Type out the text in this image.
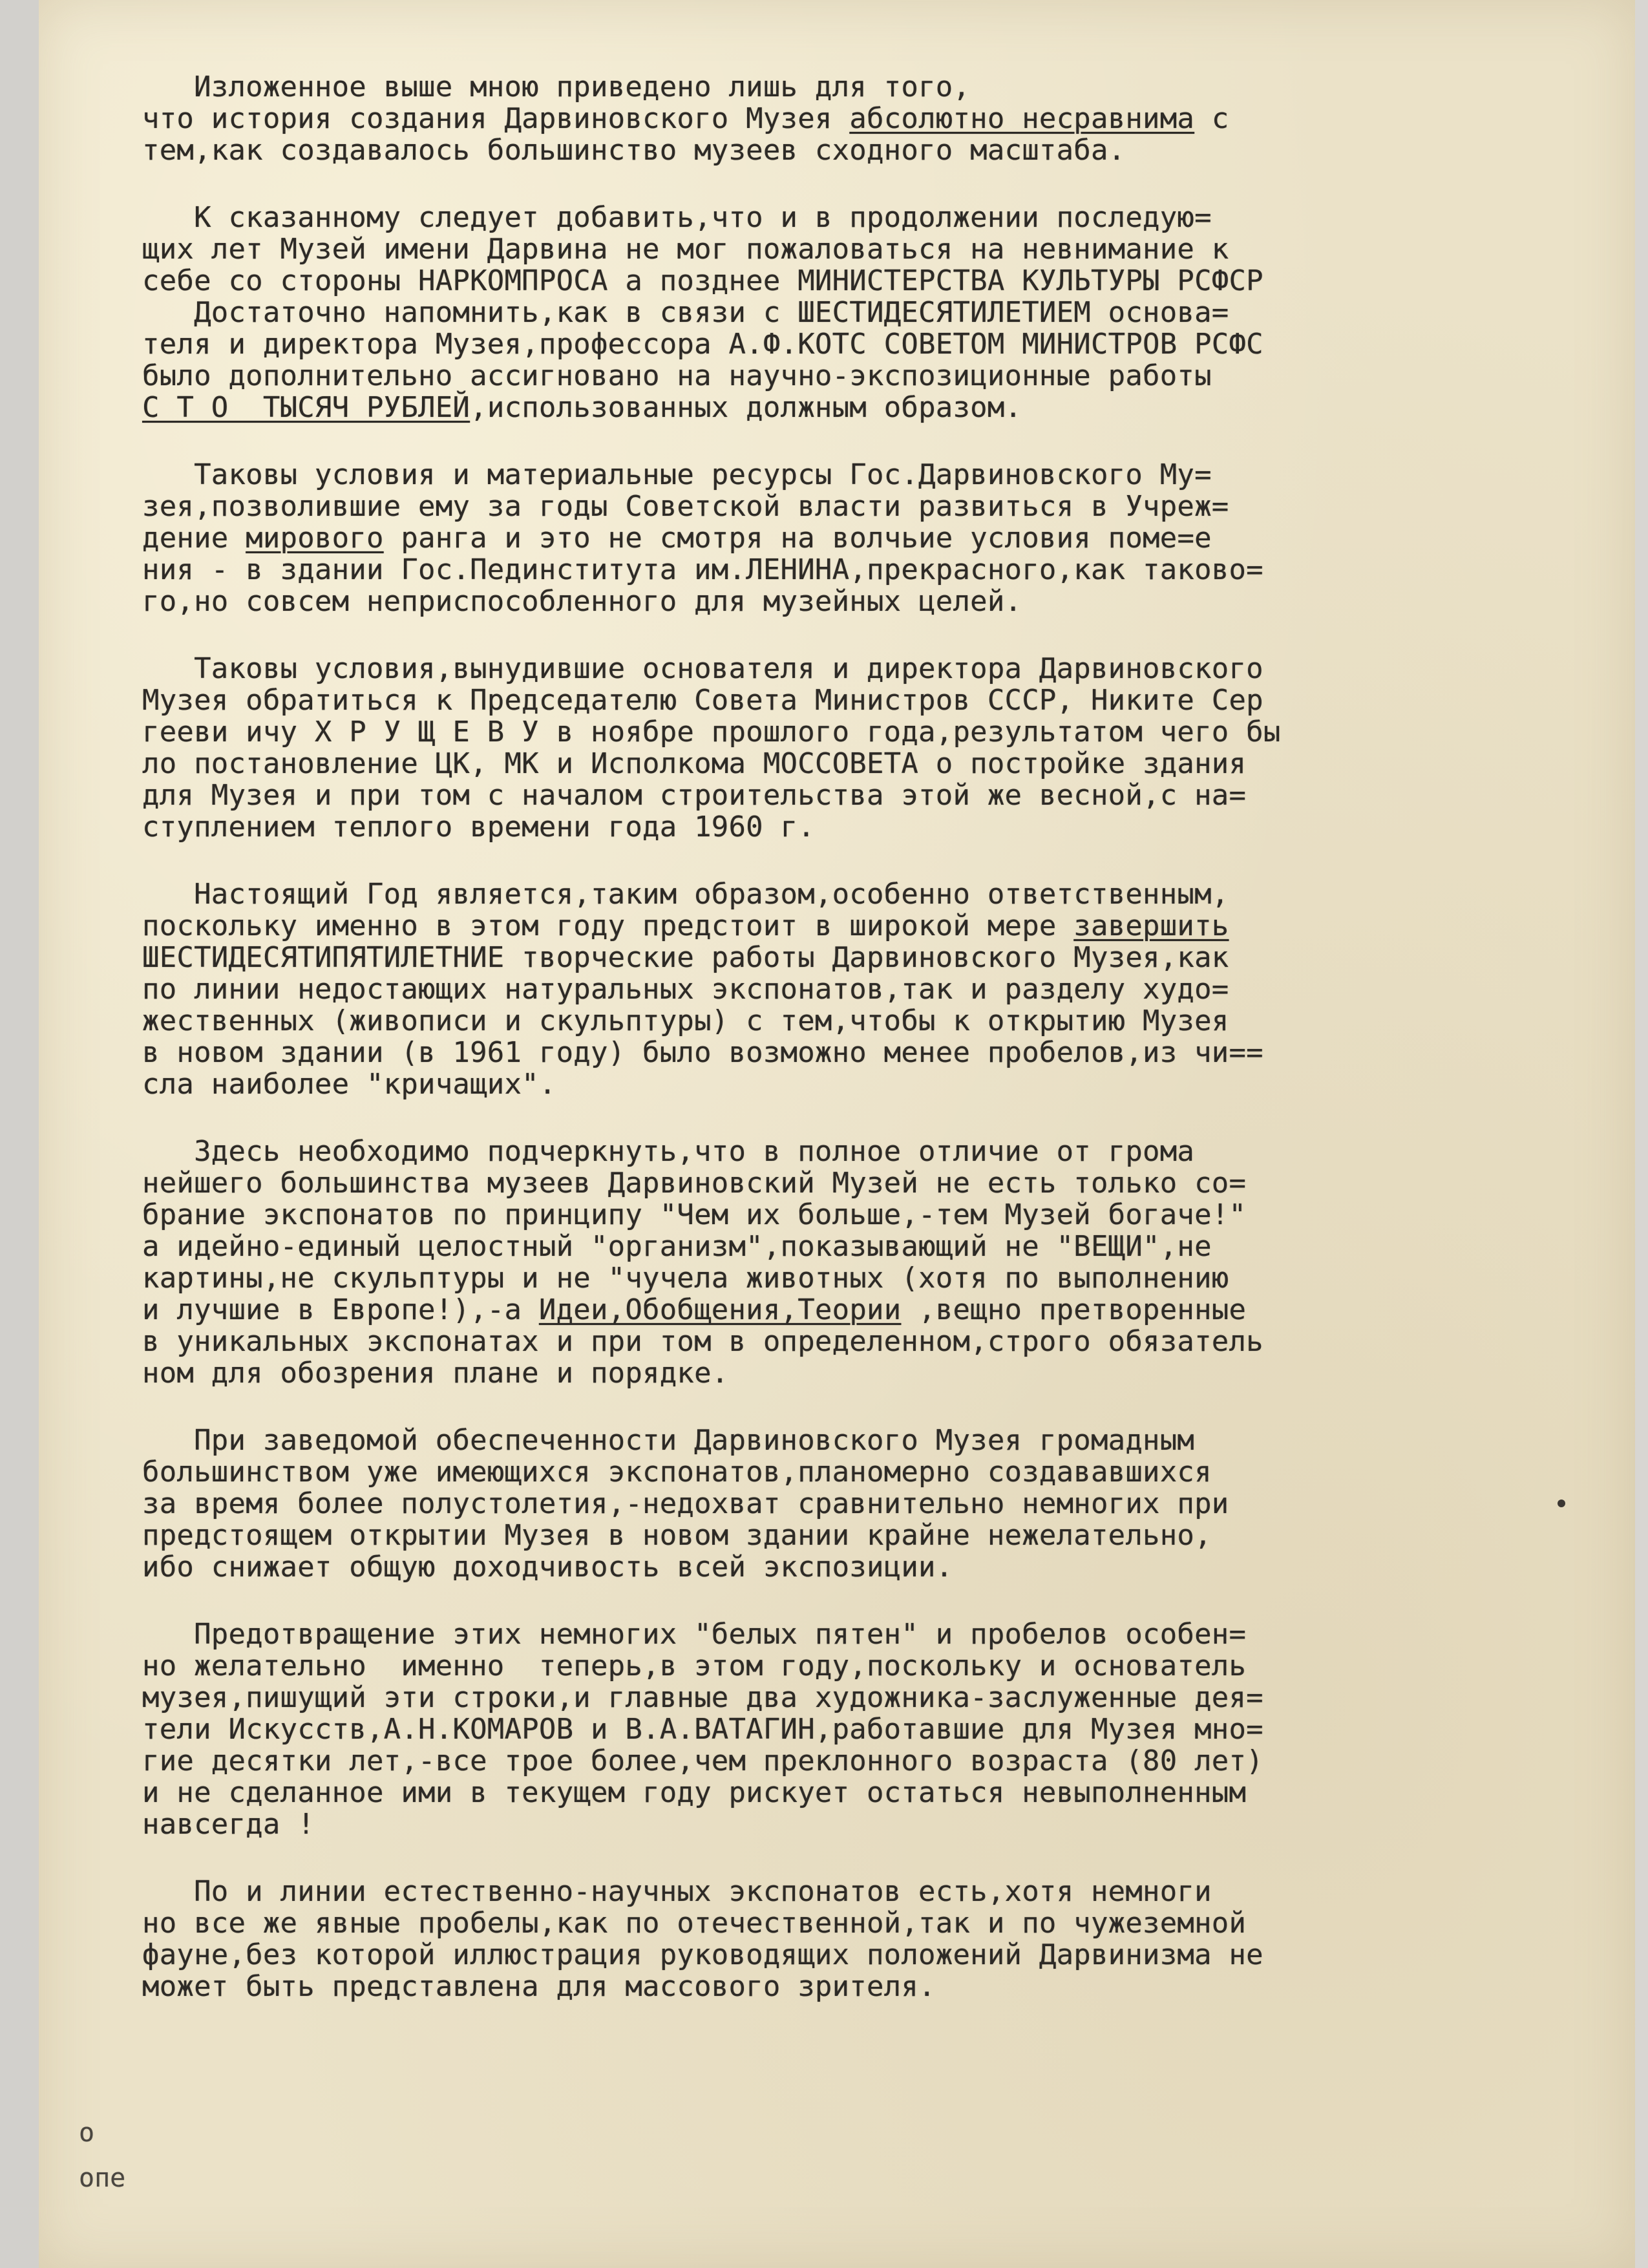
Изложенное выше мною приведено лишь для того,
что история создания Дарвиновского Музея абсолютно несравнима с
тем,как создавалось большинство музеев сходного масштаба.
К сказанному следует добавить,что и в продолжении последую=
щих лет Музей имени Дарвина не мог пожаловаться на невнимание к
себе со стороны НАРКОМПРОСА а позднее МИНИСТЕРСТВА КУЛЬТУРЫ РСФСР
Достаточно напомнить,как в связи с ШЕСТИДЕСЯТИЛЕТИЕМ основа=
теля и директора Музея,профессора А.Ф.КОТС СОВЕТОМ МИНИСТРОВ РСФС
было дополнительно ассигновано на научно-экспозиционные работы
С Т О  ТЫСЯЧ РУБЛЕЙ,использованных должным образом.
Таковы условия и материальные ресурсы Гос.Дарвиновского Му=
зея,позволившие ему за годы Советской власти развиться в Учреж=
дение мирового ранга и это не смотря на волчьие условия поме=е
ния - в здании Гос.Пединститута им.ЛЕНИНА,прекрасного,как таково=
го,но совсем неприспособленного для музейных целей.
Таковы условия,вынудившие основателя и директора Дарвиновского
Музея обратиться к Председателю Совета Министров СССР, Никите Сер
гееви ичу Х Р У Щ Е В У в ноябре прошлого года,результатом чего бы
ло постановление ЦК, МК и Исполкома МОССОВЕТА о постройке здания
для Музея и при том с началом строительства этой же весной,с на=
ступлением теплого времени года 1960 г.
Настоящий Год является,таким образом,особенно ответственным,
поскольку именно в этом году предстоит в широкой мере завершить
ШЕСТИДЕСЯТИПЯТИЛЕТНИЕ творческие работы Дарвиновского Музея,как
по линии недостающих натуральных экспонатов,так и разделу худо=
жественных (живописи и скульптуры) с тем,чтобы к открытию Музея
в новом здании (в 1961 году) было возможно менее пробелов,из чи==
сла наиболее "кричащих".
Здесь необходимо подчеркнуть,что в полное отличие от грома
нейшего большинства музеев Дарвиновский Музей не есть только со=
брание экспонатов по принципу "Чем их больше,-тем Музей богаче!"
а идейно-единый целостный "организм",показывающий не "ВЕЩИ",не
картины,не скульптуры и не "чучела животных (хотя по выполнению
и лучшие в Европе!),-а Идеи,Обобщения,Теории ,вещно претворенные
в уникальных экспонатах и при том в определенном,строго обязатель
ном для обозрения плане и порядке.
При заведомой обеспеченности Дарвиновского Музея громадным
большинством уже имеющихся экспонатов,планомерно создававшихся
за время более полустолетия,-недохват сравнительно немногих при
предстоящем открытии Музея в новом здании крайне нежелательно,
ибо снижает общую доходчивость всей экспозиции.
Предотвращение этих немногих "белых пятен" и пробелов особен=
но желательно  именно  теперь,в этом году,поскольку и основатель
музея,пишущий эти строки,и главные два художника-заслуженные дея=
тели Искусств,А.Н.КОМАРОВ и В.А.ВАТАГИН,работавшие для Музея мно=
гие десятки лет,-все трое более,чем преклонного возраста (80 лет)
и не сделанное ими в текущем году рискует остаться невыполненным
навсегда !
По и линии естественно-научных экспонатов есть,хотя немноги
но все же явные пробелы,как по отечественной,так и по чужеземной
фауне,без которой иллюстрация руководящих положений Дарвинизма не
может быть представлена для массового зрителя.
о
опе
